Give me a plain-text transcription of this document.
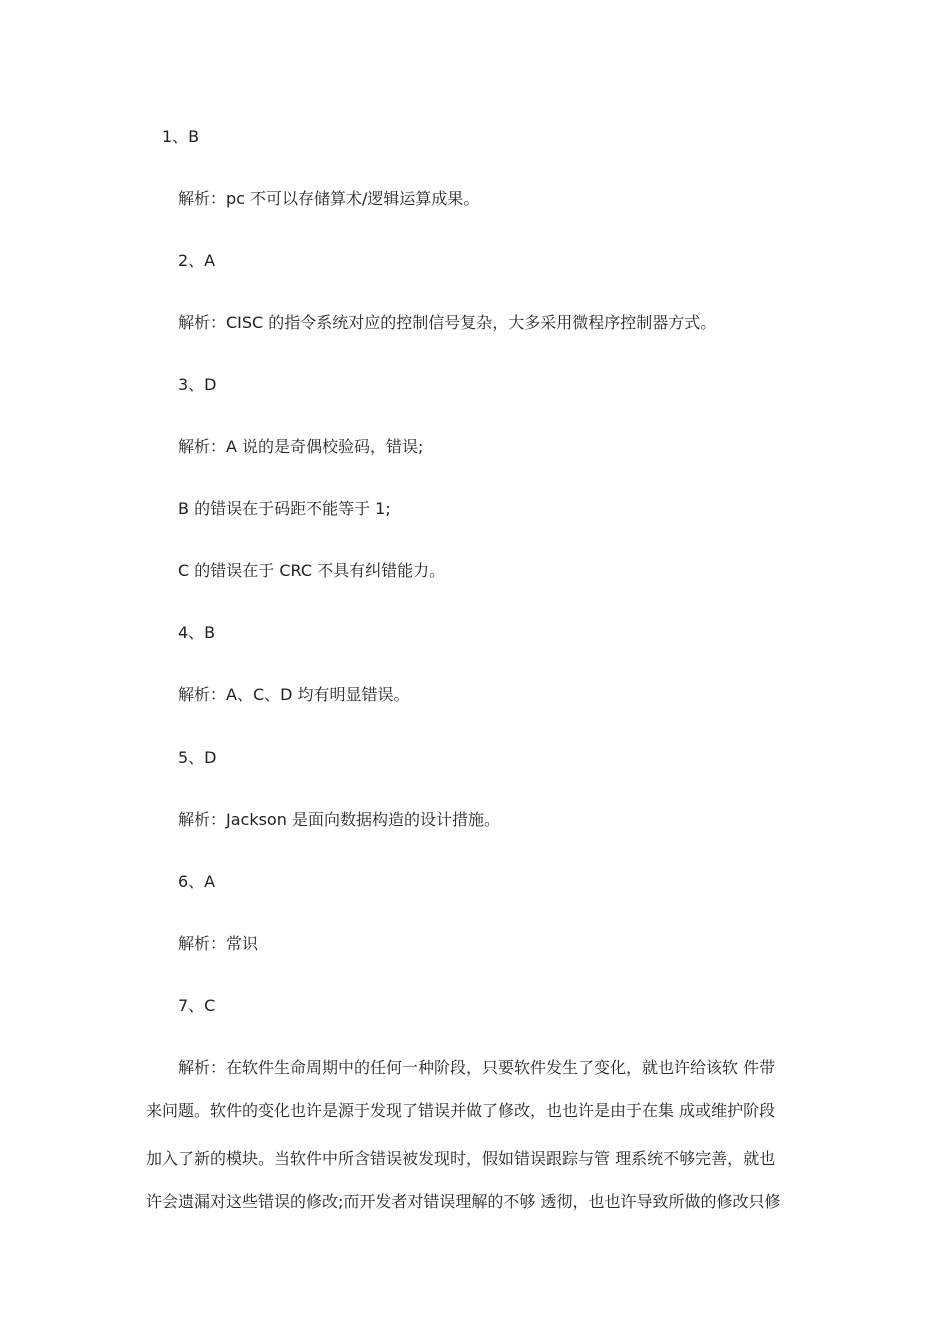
1、B
解析：pc 不可以存储算术/逻辑运算成果。
2、A
解析：CISC 的指令系统对应的控制信号复杂，大多采用微程序控制器方式。
3、D
解析：A 说的是奇偶校验码，错误;
B 的错误在于码距不能等于 1;
C 的错误在于 CRC 不具有纠错能力。
4、B
解析：A、C、D 均有明显错误。
5、D
解析：Jackson 是面向数据构造的设计措施。
6、A
解析：常识
7、C
解析：在软件生命周期中的任何一种阶段，只要软件发生了变化，就也许给该软 件带
来问题。软件的变化也许是源于发现了错误并做了修改，也也许是由于在集 成或维护阶段
加入了新的模块。当软件中所含错误被发现时，假如错误跟踪与管 理系统不够完善，就也
许会遗漏对这些错误的修改;而开发者对错误理解的不够 透彻，也也许导致所做的修改只修
